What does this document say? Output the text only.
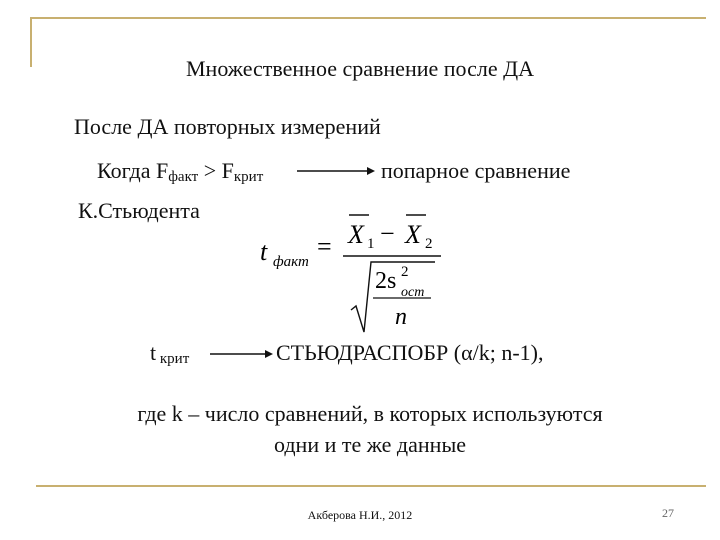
Множественное сравнение после ДА
После ДА повторных измерений
Когда $F_{факт} > F_{крит}$	попарное сравнение
К.Стьюдента
t факт
= X 1 − X 2
2s 2
ост
n
t $_{крит}$	СТЬЮДРАСПОБР (α/k; n-1),
где k – число сравнений, в которых используются
одни и те же данные
Акберова Н.И., 2012	27
